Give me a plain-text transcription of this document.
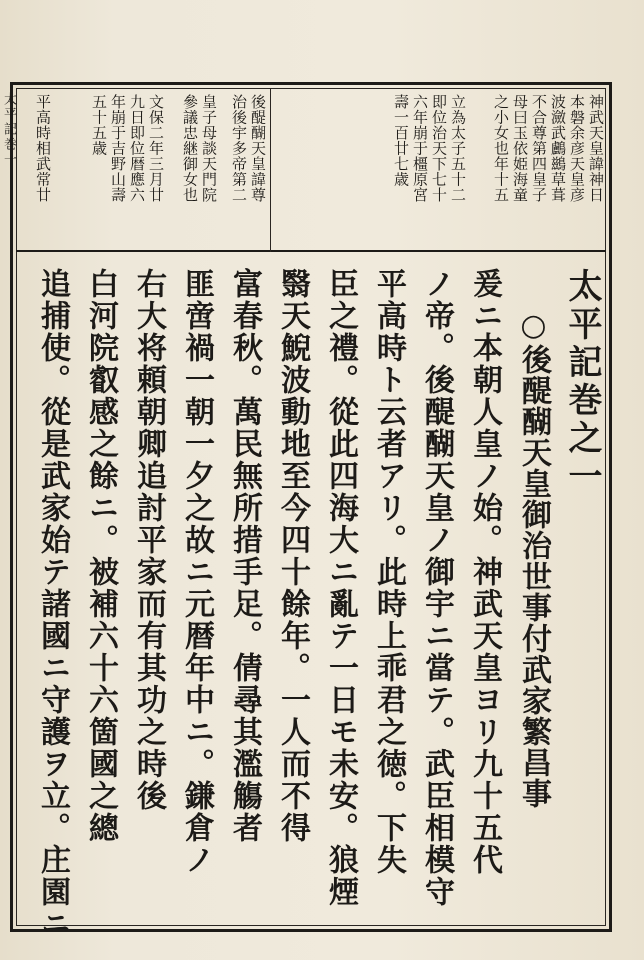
太平記巻一	神武天皇諱神日
本磐余彦天皇彦
波瀲武鸕鷀草葺
不合尊第四皇子
母曰玉依姫海童
之小女也年十五
立為太子五十二
即位治天下七十
六年崩于橿原宮
壽一百廿七歳
後醍醐天皇諱尊
治後宇多帝第二
皇子母談天門院
參議忠継御女也
文保二年三月廿
九日即位暦應六
年崩于吉野山壽
五十五歳
平高時相武常廿
太平記巻之一
○後醍醐天皇御治世事付武家繁昌事
爰ニ本朝人皇ノ始。神武天皇ヨリ九十五代
ノ帝。後醍醐天皇ノ御宇ニ當テ。武臣相模守
平高時ト云者アリ。此時上乖君之徳。下失
臣之禮。從此四海大ニ亂テ一日モ未安。狼煙
翳天鯢波動地至今四十餘年。一人而不得
富春秋。萬民無所措手足。倩尋其濫觴者
匪啻禍一朝一夕之故ニ元暦年中ニ。鎌倉ノ
右大将頼朝卿追討平家而有其功之時後
白河院叡感之餘ニ。被補六十六箇國之總
追捕使。從是武家始テ諸國ニ守護ヲ立。庄園ニ
